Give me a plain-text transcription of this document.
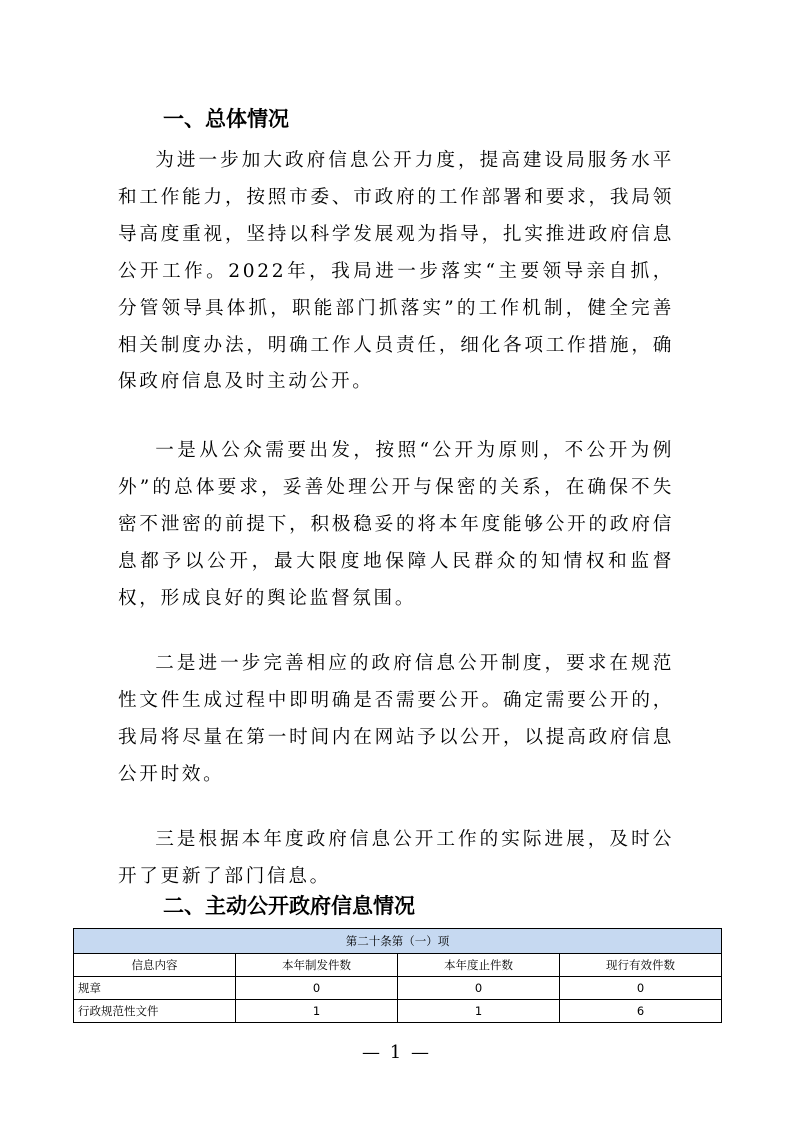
一、总体情况

为进一步加大政府信息公开力度，提高建设局服务水平和工作能力，按照市委、市政府的工作部署和要求，我局领导高度重视，坚持以科学发展观为指导，扎实推进政府信息公开工作。2022年，我局进一步落实“主要领导亲自抓，分管领导具体抓，职能部门抓落实”的工作机制，健全完善相关制度办法，明确工作人员责任，细化各项工作措施，确保政府信息及时主动公开。

一是从公众需要出发，按照“公开为原则，不公开为例外”的总体要求，妥善处理公开与保密的关系，在确保不失密不泄密的前提下，积极稳妥的将本年度能够公开的政府信息都予以公开，最大限度地保障人民群众的知情权和监督权，形成良好的舆论监督氛围。

二是进一步完善相应的政府信息公开制度，要求在规范性文件生成过程中即明确是否需要公开。确定需要公开的，我局将尽量在第一时间内在网站予以公开，以提高政府信息公开时效。

三是根据本年度政府信息公开工作的实际进展，及时公开了更新了部门信息。

二、主动公开政府信息情况
第二十条第（一）项			
信息内容	本年制发件数	本年度止件数	现行有效件数
规章	0	0	0
行政规范性文件	1	1	6
— 1 —
